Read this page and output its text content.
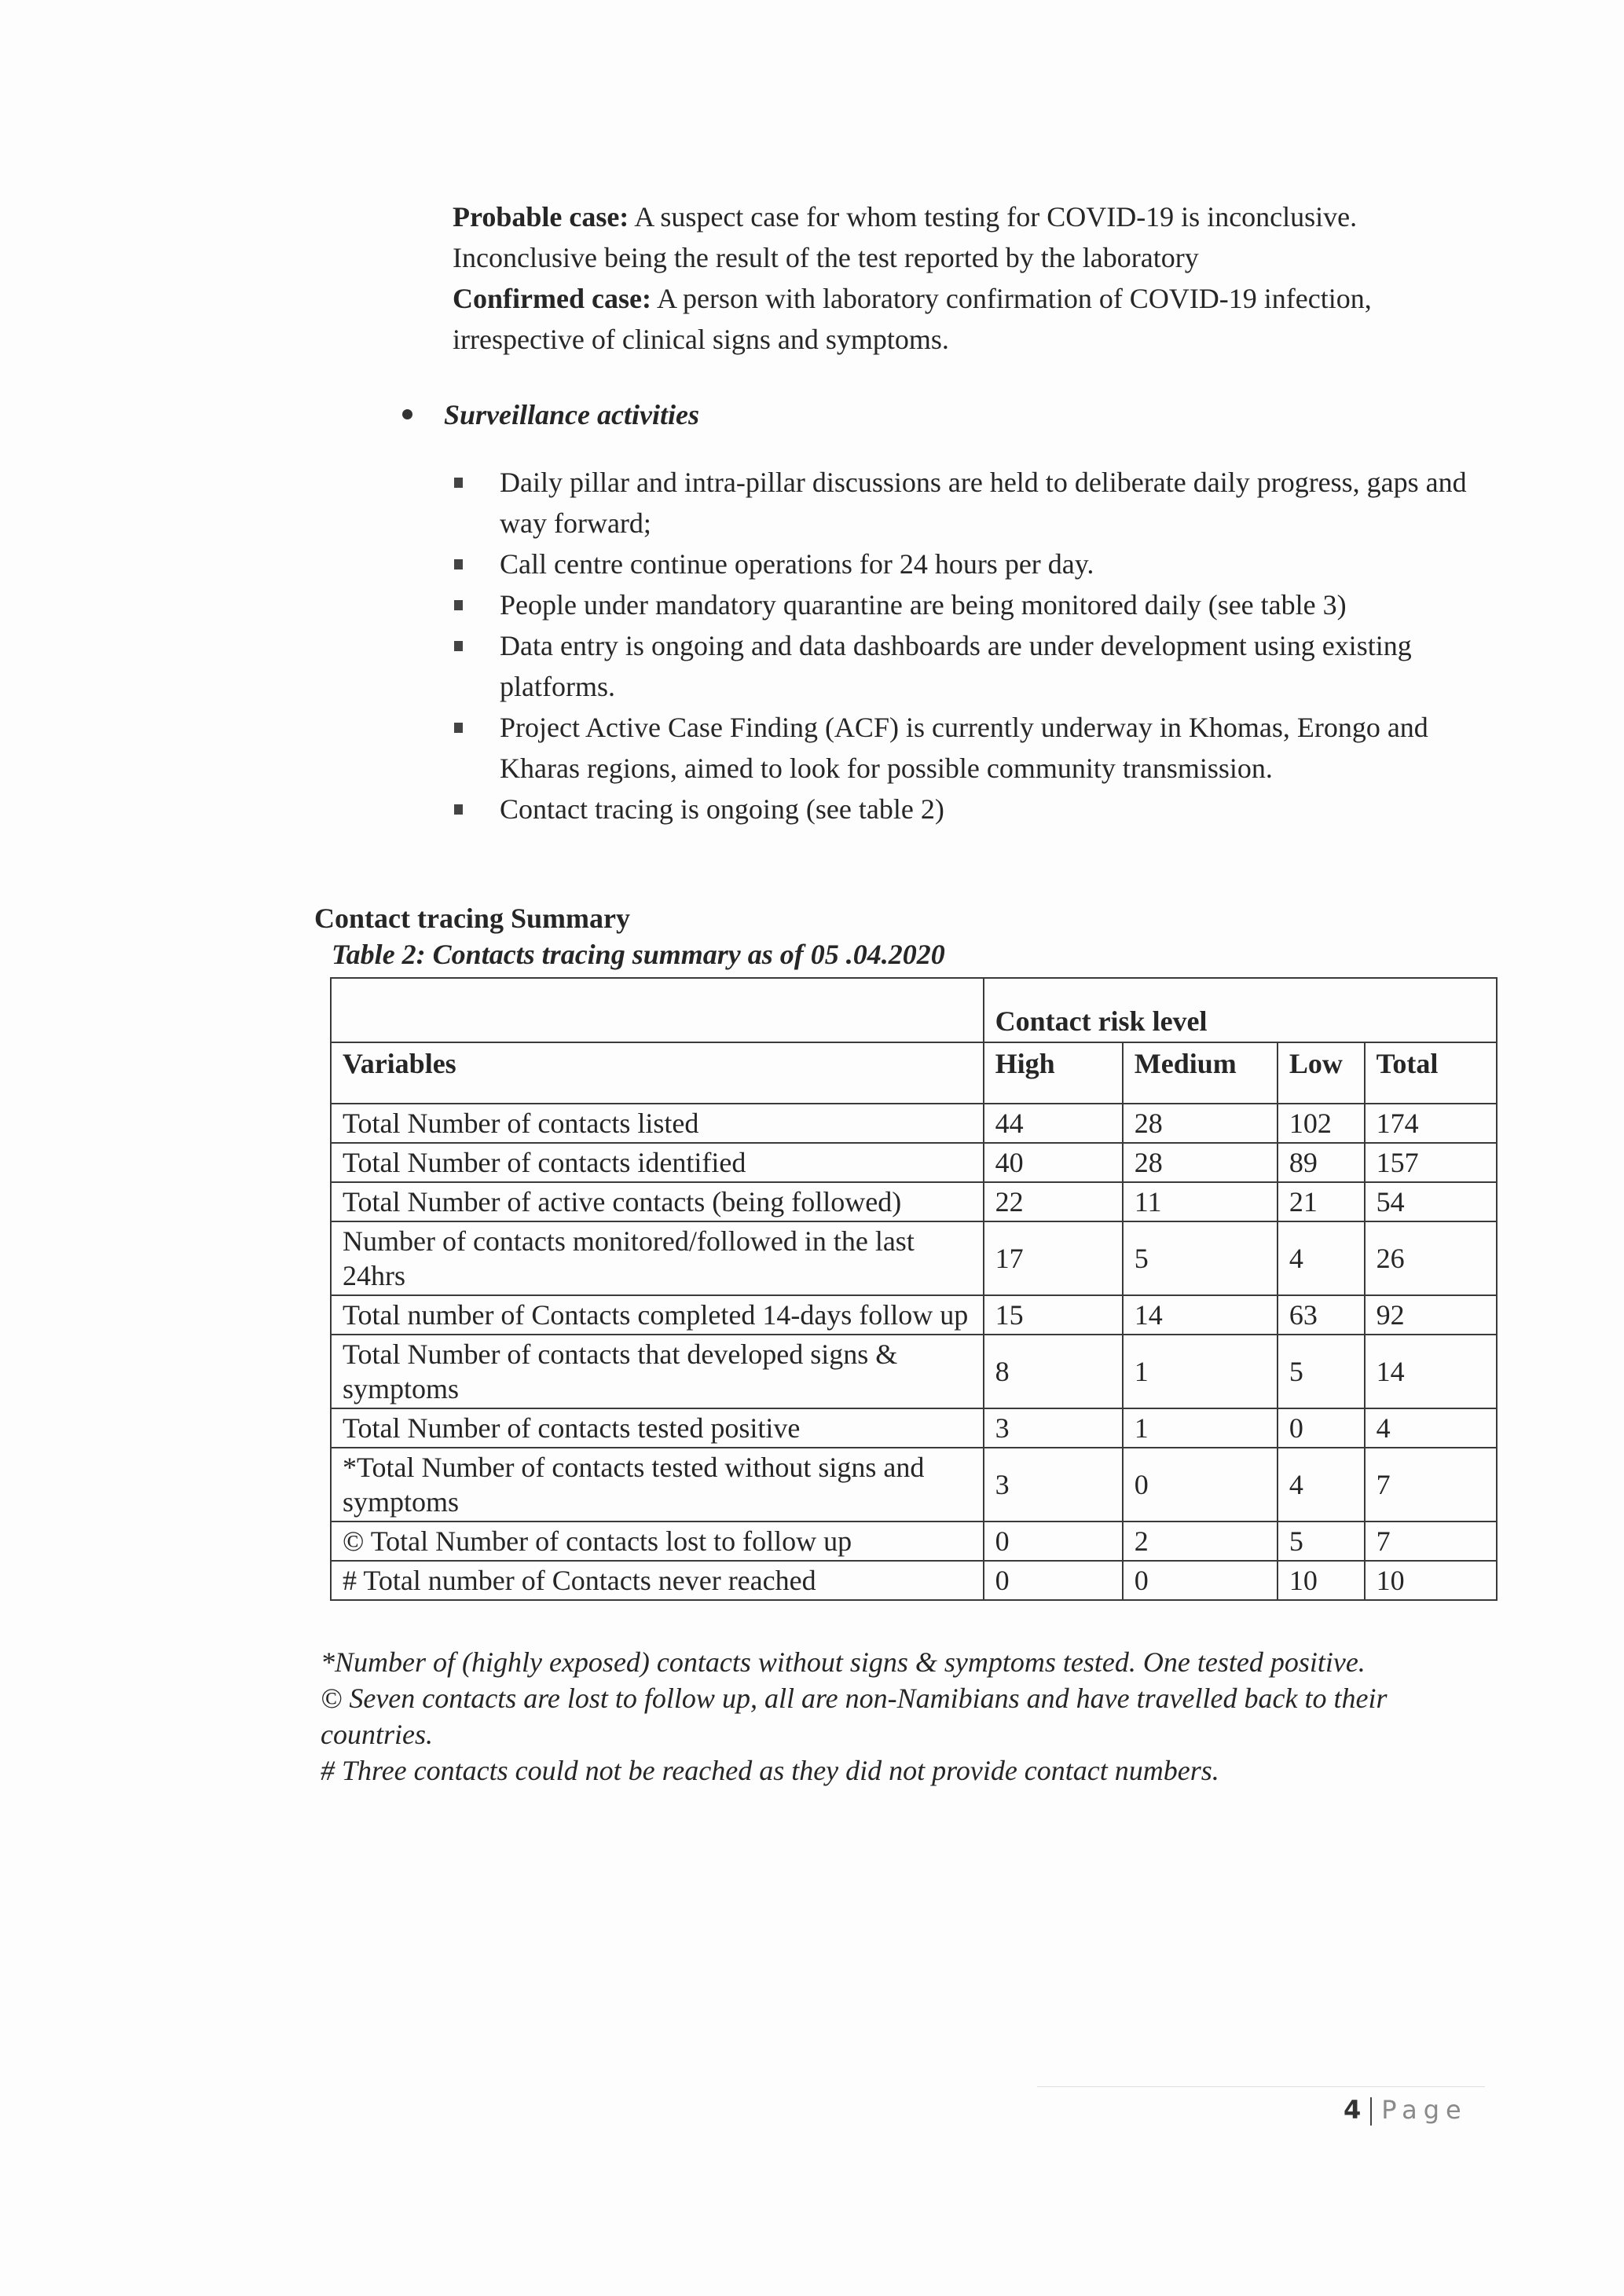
Probable case: A suspect case for whom testing for COVID-19 is inconclusive. Inconclusive being the result of the test reported by the laboratory

Confirmed case: A person with laboratory confirmation of COVID-19 infection, irrespective of clinical signs and symptoms.

Surveillance activities
Daily pillar and intra-pillar discussions are held to deliberate daily progress, gaps and way forward;
Call centre continue operations for 24 hours per day.
People under mandatory quarantine are being monitored daily (see table 3)
Data entry is ongoing and data dashboards are under development using existing platforms.
Project Active Case Finding (ACF) is currently underway in Khomas, Erongo and Kharas regions, aimed to look for possible community transmission.
Contact tracing is ongoing (see table 2)
Contact tracing Summary
Table 2: Contacts tracing summary as of 05 .04.2020
	Contact risk level			
Variables	High	Medium	Low	Total
Total Number of contacts listed	44	28	102	174
Total Number of contacts identified	40	28	89	157
Total Number of active contacts (being followed)	22	11	21	54
Number of contacts monitored/followed in the last 24hrs	17	5	4	26
Total number of Contacts completed 14-days follow up	15	14	63	92
Total Number of contacts that developed signs & symptoms	8	1	5	14
Total Number of contacts tested positive	3	1	0	4
*Total Number of contacts tested without signs and symptoms	3	0	4	7
© Total Number of contacts lost to follow up	0	2	5	7
# Total number of Contacts never reached	0	0	10	10

*Number of (highly exposed) contacts without signs & symptoms tested. One tested positive.

© Seven contacts are lost to follow up, all are non-Namibians and have travelled back to their countries.

# Three contacts could not be reached as they did not provide contact numbers.

4 Page
